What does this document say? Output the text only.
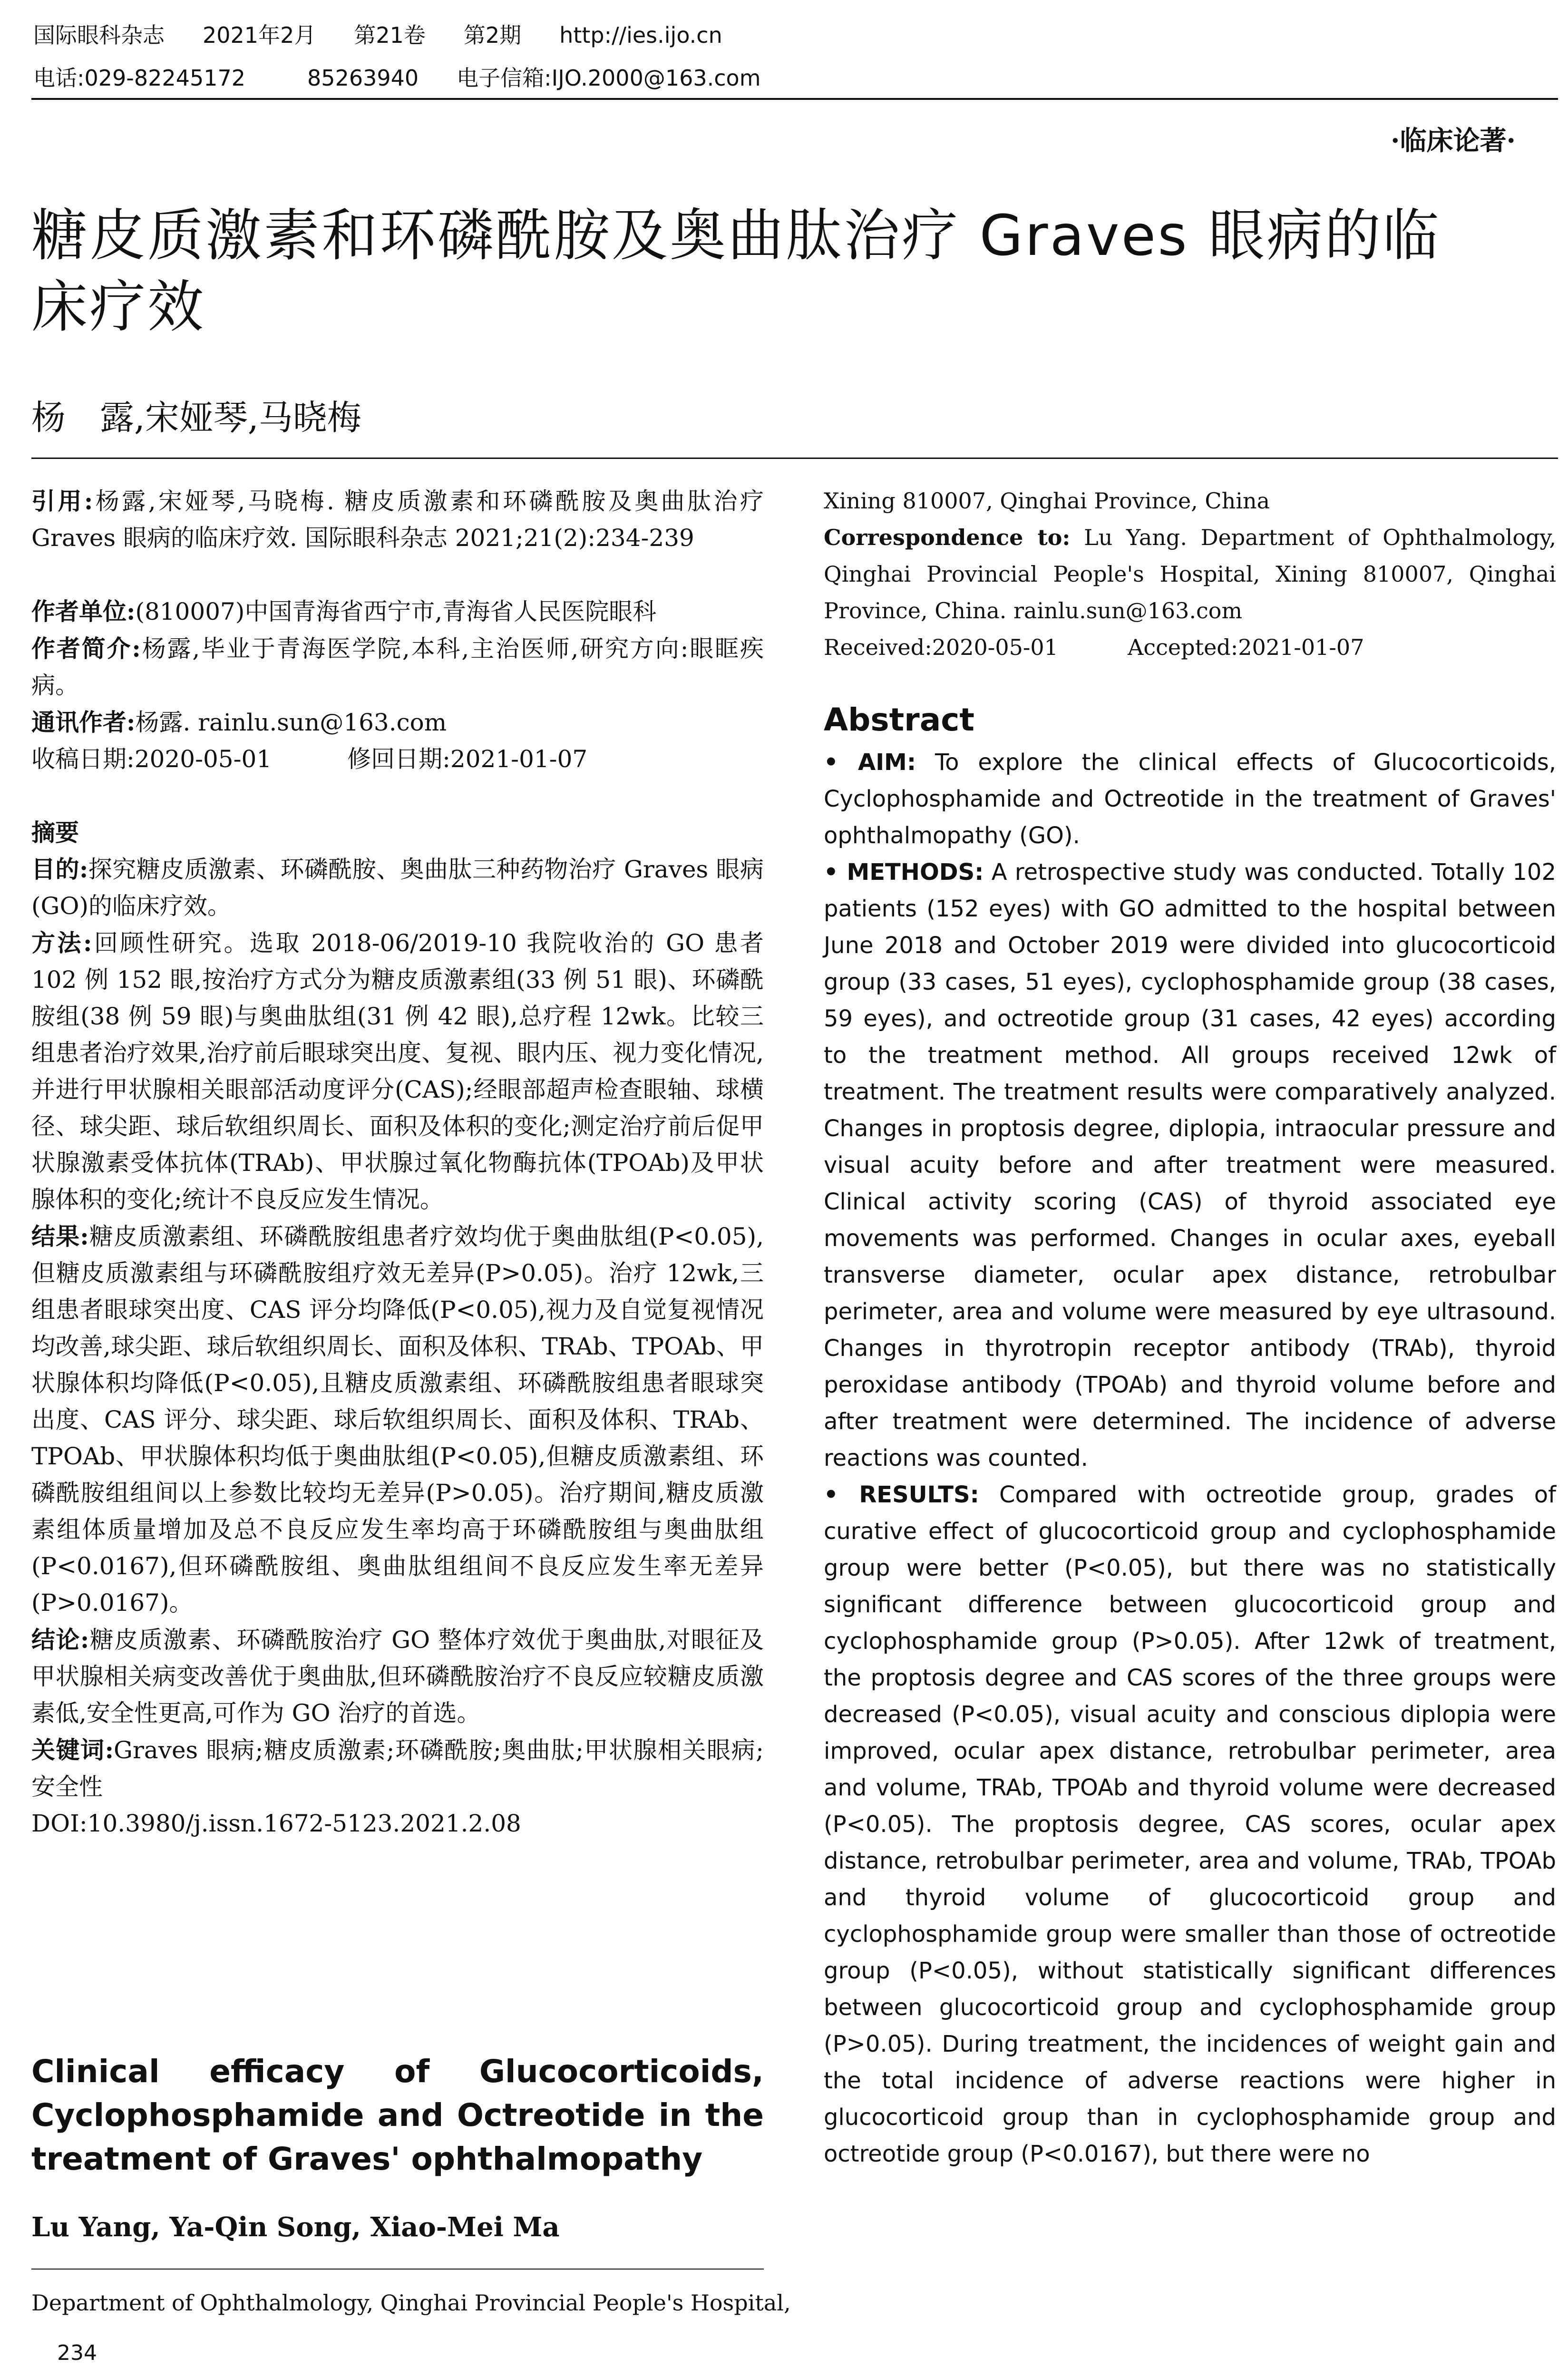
国际眼科杂志 2021年2月 第21卷 第2期 http://ies.ijo.cn
电话:029-82245172	85263940 电子信箱:IJO.2000@163.com
·临床论著·
糖皮质激素和环磷酰胺及奥曲肽治疗 Graves 眼病的临
床疗效
杨　露,宋娅琴,马晓梅

引用:杨露,宋娅琴,马晓梅. 糖皮质激素和环磷酰胺及奥曲肽治疗 Graves 眼病的临床疗效. 国际眼科杂志 2021;21(2):234-239

作者单位:(810007)中国青海省西宁市,青海省人民医院眼科

作者简介:杨露,毕业于青海医学院,本科,主治医师,研究方向:眼眶疾病。

通讯作者:杨露. rainlu.sun@163.com

收稿日期:2020-05-01	修回日期:2021-01-07

摘要

目的:探究糖皮质激素、环磷酰胺、奥曲肽三种药物治疗 Graves 眼病(GO)的临床疗效。

方法:回顾性研究。选取 2018-06/2019-10 我院收治的 GO 患者 102 例 152 眼,按治疗方式分为糖皮质激素组(33 例 51 眼)、环磷酰胺组(38 例 59 眼)与奥曲肽组(31 例 42 眼),总疗程 12wk。比较三组患者治疗效果,治疗前后眼球突出度、复视、眼内压、视力变化情况,并进行甲状腺相关眼部活动度评分(CAS);经眼部超声检查眼轴、球横径、球尖距、球后软组织周长、面积及体积的变化;测定治疗前后促甲状腺激素受体抗体(TRAb)、甲状腺过氧化物酶抗体(TPOAb)及甲状腺体积的变化;统计不良反应发生情况。

结果:糖皮质激素组、环磷酰胺组患者疗效均优于奥曲肽组(P<0.05),但糖皮质激素组与环磷酰胺组疗效无差异(P>0.05)。治疗 12wk,三组患者眼球突出度、CAS 评分均降低(P<0.05),视力及自觉复视情况均改善,球尖距、球后软组织周长、面积及体积、TRAb、TPOAb、甲状腺体积均降低(P<0.05),且糖皮质激素组、环磷酰胺组患者眼球突出度、CAS 评分、球尖距、球后软组织周长、面积及体积、TRAb、TPOAb、甲状腺体积均低于奥曲肽组(P<0.05),但糖皮质激素组、环磷酰胺组组间以上参数比较均无差异(P>0.05)。治疗期间,糖皮质激素组体质量增加及总不良反应发生率均高于环磷酰胺组与奥曲肽组(P<0.0167),但环磷酰胺组、奥曲肽组组间不良反应发生率无差异(P>0.0167)。

结论:糖皮质激素、环磷酰胺治疗 GO 整体疗效优于奥曲肽,对眼征及甲状腺相关病变改善优于奥曲肽,但环磷酰胺治疗不良反应较糖皮质激素低,安全性更高,可作为 GO 治疗的首选。

关键词:Graves 眼病;糖皮质激素;环磷酰胺;奥曲肽;甲状腺相关眼病;安全性

DOI:10.3980/j.issn.1672-5123.2021.2.08

Clinical efficacy of Glucocorticoids, Cyclophosphamide and Octreotide in the treatment of Graves' ophthalmopathy
Lu Yang, Ya-Qin Song, Xiao-Mei Ma
Department of Ophthalmology, Qinghai Provincial People's Hospital,

Xining 810007, Qinghai Province, China

Correspondence to: Lu Yang. Department of Ophthalmology, Qinghai Provincial People's Hospital, Xining 810007, Qinghai Province, China. rainlu.sun@163.com

Received:2020-05-01	Accepted:2021-01-07

Abstract

• AIM: To explore the clinical effects of Glucocorticoids, Cyclophosphamide and Octreotide in the treatment of Graves' ophthalmopathy (GO).

• METHODS: A retrospective study was conducted. Totally 102 patients (152 eyes) with GO admitted to the hospital between June 2018 and October 2019 were divided into glucocorticoid group (33 cases, 51 eyes), cyclophosphamide group (38 cases, 59 eyes), and octreotide group (31 cases, 42 eyes) according to the treatment method. All groups received 12wk of treatment. The treatment results were comparatively analyzed. Changes in proptosis degree, diplopia, intraocular pressure and visual acuity before and after treatment were measured. Clinical activity scoring (CAS) of thyroid associated eye movements was performed. Changes in ocular axes, eyeball transverse diameter, ocular apex distance, retrobulbar perimeter, area and volume were measured by eye ultrasound. Changes in thyrotropin receptor antibody (TRAb), thyroid peroxidase antibody (TPOAb) and thyroid volume before and after treatment were determined. The incidence of adverse reactions was counted.

• RESULTS: Compared with octreotide group, grades of curative effect of glucocorticoid group and cyclophosphamide group were better (P<0.05), but there was no statistically significant difference between glucocorticoid group and cyclophosphamide group (P>0.05). After 12wk of treatment, the proptosis degree and CAS scores of the three groups were decreased (P<0.05), visual acuity and conscious diplopia were improved, ocular apex distance, retrobulbar perimeter, area and volume, TRAb, TPOAb and thyroid volume were decreased (P<0.05). The proptosis degree, CAS scores, ocular apex distance, retrobulbar perimeter, area and volume, TRAb, TPOAb and thyroid volume of glucocorticoid group and cyclophosphamide group were smaller than those of octreotide group (P<0.05), without statistically significant differences between glucocorticoid group and cyclophosphamide group (P>0.05). During treatment, the incidences of weight gain and the total incidence of adverse reactions were higher in glucocorticoid group than in cyclophosphamide group and octreotide group (P<0.0167), but there were no

234
